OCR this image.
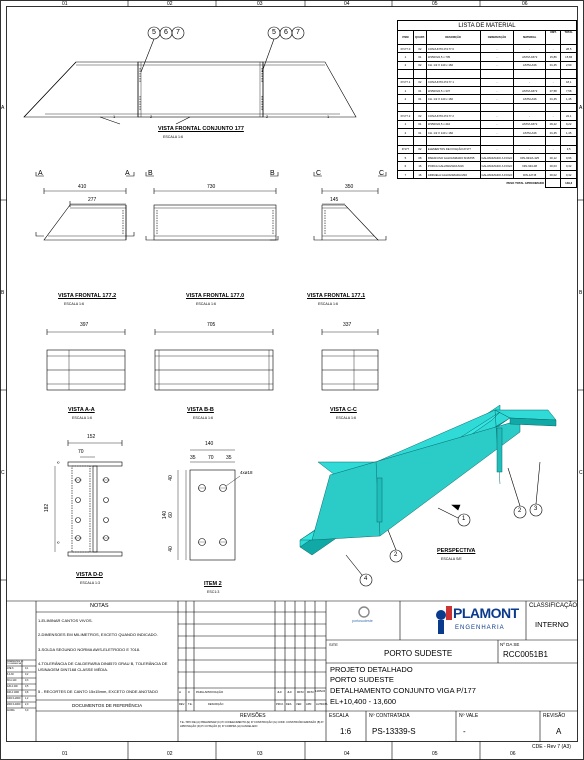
01	02	03	04	05	06
01	02	03	04	05	06
A
B
C
A
B
C
5 6 7	5 6 7
1
2
2 3
4
1	1
2	2
VISTA FRONTAL CONJUNTO 177
ESCALA 1:6
A	A
410
277
VISTA FRONTAL 177.2
ESCALA 1:6
B	B
730
VISTA FRONTAL 177.0
ESCALA 1:6
C	C
350
145
VISTA FRONTAL 177.1
ESCALA 1:6
397
VISTA A-A
ESCALA 1:6
705
VISTA B-B
ESCALA 1:6
337
VISTA C-C
ESCALA 1:6
152
70
182
6
6
VISTA D-D
ESCALA 1:3
140
35 70 35
40
140 60
40
4xø18
ITEM 2
ESC1:3
PERSPECTIVA
ESCALA S/E
LISTA DE MATERIAL						
ITEM	QUANT.	DESCRIÇÃO	OBSERVAÇÃO	MATERIAL	UNIT.	TOTAL
P/177.0	02	CONJUNTO-P/177.0	-	-	-	28,5
1	01	W150X22,5 x 705	-	ASTM-A572	15,86	15,86
2	02	CH. 1/2 X 140 x 160	-	ASTM-A36	01,45	2,90

P/177.1	02	CONJUNTO-P/177.1	-	-	-	18,1
1	01	W150X22,5 x 337	-	ASTM-A572	07,58	7,58
2	01	CH. 1/2 X 140 x 160	-	ASTM-A36	01,45	1,45

P/177.2	02	CONJUNTO-P/177.2	-	-	-	22,1
1	01	W150X22,5 x 410	-	ASTM-A572	09,22	9,22
2	01	CH. 1/2 X 140 x 160	-	ASTM-A36	01,45	1,45

P/177	02	ELEMENTOS DE FIXAÇÃO-P/177	-	-	-	3,5
5	08	PARAFUSO GALVANIZADO M16X55	GALVANIZADO A FOGO	DIN-933/A-325	00,12	0,96
6	16	PORCA GALVANIZADA M16	GALVANIZADO A FOGO	DIN-934-08	00,03	0,32
7	16	ARRUELA GALVANIZADA M16	GALVANIZADO A FOGO	DIN-127-B	00,02	0,32
PESO TOTAL APROXIMADO						149,3
NOTAS
1-ELIMINAR CANTOS VIVOS.
2-DIMENSOES EM MILIMETROS, EXCETO QUANDO INDICADO.
3-SOLDA SEGUNDO NORMA AWS-ELETRODO E 7018.
4-TOLERÂNCIA DE CALDERARIA DIN8570 GRAU B, TOLERÂNCIA DE USINAGEM DIN7168 CLASSE MÉDIA.
5 - RECORTES DE CANTO 15x15mm, EXCETO ONDE ANOTADO
DOCUMENTOS DE REFERÊNCIA
DIMENSÕES +/- TOLERÂNCIA
ATE 6	0,1
6 A 30	0,2
30 A 120	0,3
120 A 400	0,5
400 A 1000	0,8
1000 A 2000 1,2
2000 A 4000 2,0
ACIMA	3,0
A 0 PARA APROVAÇÃO	JLF JLF RFM RFM 14/05/24
REV. T.E.	DESCRIÇÃO	PROJ. DES. VER. APR. AUT. DATA
REVISÕES
T.E.-TIPO DE (A) PRELIMINAR (C) P/ CONHECIMENTO (E) P/ CONSTRUÇÃO (G) CONF. CONSTRUÍDO EMISSÃO (B) P/ APROVAÇÃO (D) P/ COTAÇÃO (F) P/ COMPRA (H) CANCELADO
portosudeste	PLAMONT
ENGENHARIA
CLASSIFICAÇÃO
INTERNO
SITE
PORTO SUDESTE
Nº DA SE
RCC0051B1
PROJETO DETALHADO
PORTO SUDESTE
DETALHAMENTO CONJUNTO VIGA P/177
EL+10,400 - 13,600
ESCALA
1:6
Nº CONTRATADA
PS-13339-S
Nº VALE
-
REVISÃO
A
CDE - Rev 7 (A3)
